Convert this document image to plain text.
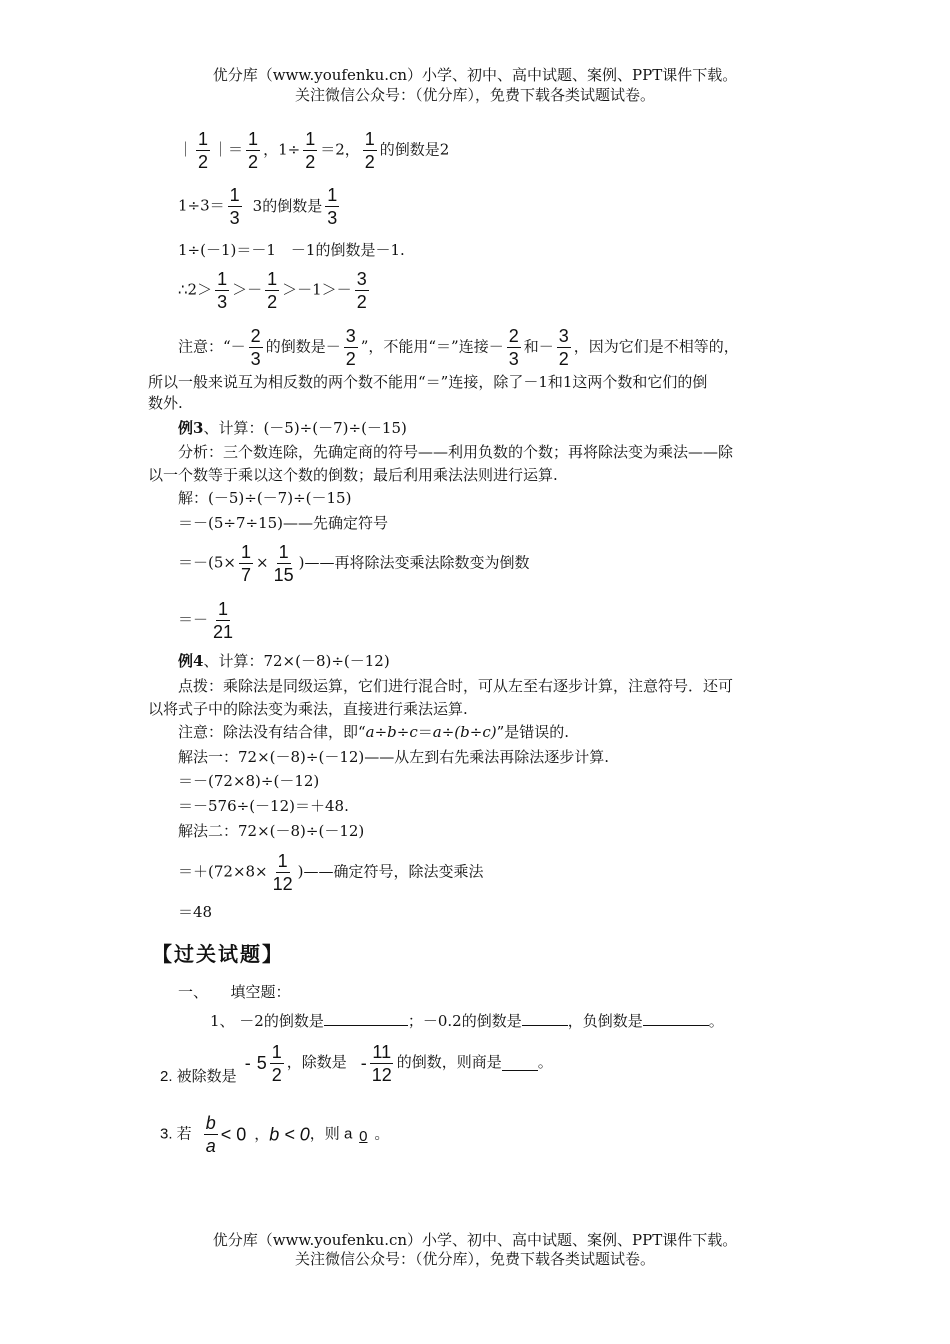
优分库（www.youfenku.cn）小学、初中、高中试题、案例、PPT课件下载。
关注微信公众号：（优分库），免费下载各类试题试卷。
｜ $\frac{1}{2}$ ｜＝ $\frac{1}{2}$ ，$1\div \frac{1}{2} =2$， $\frac{1}{2}$ 的倒数是2
$1\div 3= \frac{1}{3} 3$的倒数是 $\frac{1}{3}$
1÷(－1)＝－1　－1的倒数是－1.
∴2＞ $\frac{1}{3} >- \frac{1}{2} >-1>- \frac{3}{2}$
注意：“－ $\frac{2}{3}$ 的倒数是－ $\frac{3}{2}$ ”，不能用“＝”连接－ $\frac{2}{3}$ 和－ $\frac{3}{2}$ ，因为它们是不相等的，
所以一般来说互为相反数的两个数不能用“＝”连接，除了－1和1这两个数和它们的倒
数外.
例3、计算：(－5)÷(－7)÷(－15)
分析：三个数连除，先确定商的符号——利用负数的个数；再将除法变为乘法——除
以一个数等于乘以这个数的倒数；最后利用乘法法则进行运算.
解：(－5)÷(－7)÷(－15)
＝－(5÷7÷15)——先确定符号
$=-(5\times \frac{1}{7} \times \frac{1}{15}$ )——再将除法变乘法除数变为倒数
＝－ $\frac{1}{21}$
例4、计算：72×(－8)÷(－12)
点拨：乘除法是同级运算，它们进行混合时，可从左至右逐步计算，注意符号．还可
以将式子中的除法变为乘法，直接进行乘法运算.
注意：除法没有结合律，即“a÷b÷c＝a÷(b÷c)”是错误的.
解法一：72×(－8)÷(－12)——从左到右先乘法再除法逐步计算.
＝－(72×8)÷(－12)
＝－576÷(－12)＝＋48.
解法二：72×(－8)÷(－12)
$=+(72\times 8\times \frac{1}{12}$ )——确定符号，除法变乘法
＝48
【过关试题】
一、　　填空题：
1、 －2的倒数是	；－0.2的倒数是	，负倒数是	。
2. 被除数是- $5 \frac{1}{2}$ ，除数是 - $\frac{11}{12}$ 的倒数，则商是 。
3. 若 $\frac{b}{a} < 0$ ，b < 0，则 a 0 。
优分库（www.youfenku.cn）小学、初中、高中试题、案例、PPT课件下载。
关注微信公众号：（优分库），免费下载各类试题试卷。
